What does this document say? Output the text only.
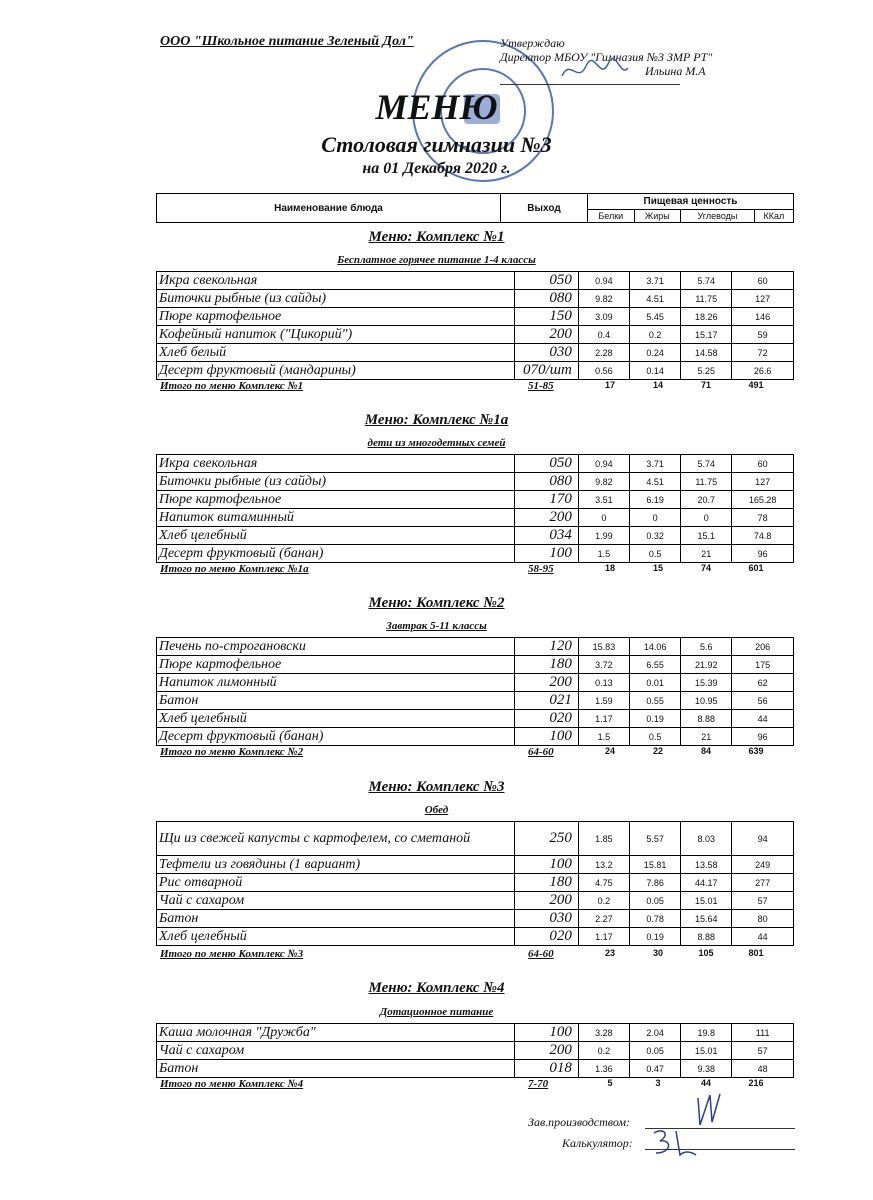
ООО "Школьное питание Зеленый Дол"	Утверждаю
Директор МБОУ "Гимназия №3 ЗМР РТ"
Ильина М.А
МЕНЮ
Столовая гимназии №3
на 01 Декабря 2020 г.
Наименование блюда	Выход	Пищевая ценность			
		Белки	Жиры	Углеводы	ККал
Меню: Комплекс №1
Бесплатное горячее питание 1-4 классы
Икра свекольная	050	0.94	3.71	5.74	60
Биточки рыбные (из сайды)	080	9.82	4.51	11.75	127
Пюре картофельное	150	3.09	5.45	18.26	146
Кофейный напиток ("Цикорий")	200	0.4	0.2	15.17	59
Хлеб белый	030	2.28	0.24	14.58	72
Десерт фруктовый (мандарины)	070/шт	0.56	0.14	5.25	26.6
Итого по меню Комплекс №1	51-85	17	14	71	491
Меню: Комплекс №1а
дети из многодетных семей
Икра свекольная	050	0.94	3.71	5.74	60
Биточки рыбные (из сайды)	080	9.82	4.51	11.75	127
Пюре картофельное	170	3.51	6.19	20.7	165.28
Напиток витаминный	200	0	0	0	78
Хлеб целебный	034	1.99	0.32	15.1	74.8
Десерт фруктовый (банан)	100	1.5	0.5	21	96
Итого по меню Комплекс №1а	58-95	18	15	74	601
Меню: Комплекс №2
Завтрак 5-11 классы
Печень по-строгановски	120	15.83	14.06	5.6	206
Пюре картофельное	180	3.72	6.55	21.92	175
Напиток лимонный	200	0.13	0.01	15.39	62
Батон	021	1.59	0.55	10.95	56
Хлеб целебный	020	1.17	0.19	8.88	44
Десерт фруктовый (банан)	100	1.5	0.5	21	96
Итого по меню Комплекс №2	64-60	24	22	84	639
Меню: Комплекс №3
Обед
Щи из свежей капусты с картофелем, со сметаной	250	1.85	5.57	8.03	94
Тефтели из говядины (1 вариант)	100	13.2	15.81	13.58	249
Рис отварной	180	4.75	7.86	44.17	277
Чай с сахаром	200	0.2	0.05	15.01	57
Батон	030	2.27	0.78	15.64	80
Хлеб целебный	020	1.17	0.19	8.88	44
Итого по меню Комплекс №3	64-60	23	30	105	801
Меню: Комплекс №4
Дотационное питание
Каша молочная "Дружба"	100	3.28	2.04	19.8	111
Чай с сахаром	200	0.2	0.05	15.01	57
Батон	018	1.36	0.47	9.38	48
Итого по меню Комплекс №4	7-70	5	3	44	216
Зав.производством:
Калькулятор:
